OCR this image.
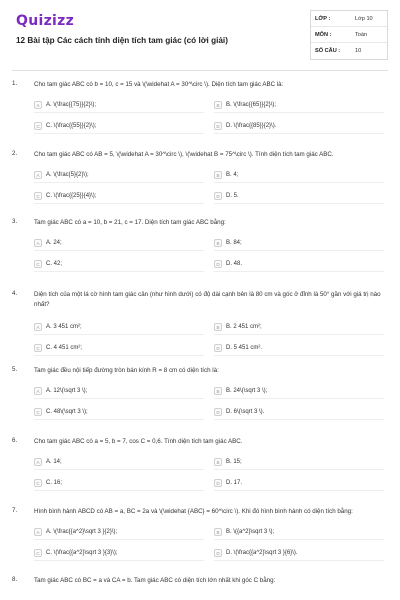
Quizizz
12 Bài tập Các cách tính diện tích tam giác (có lời giải)
LỚP :	Lớp 10
MÔN :	Toán
SỐ CÂU :	10
1.	Cho tam giác ABC có b = 10, c = 15 và \(\widehat A = 30^\circ \). Diện tích tam giác ABC là:
A	A. \(\frac{{75}}{2}\);	B	B. \(\frac{{65}}{2}\);
C	C. \(\frac{{55}}{2}\);	D	D. \(\frac{{85}}{2}\).
2.	Cho tam giác ABC có AB = 5, \(\widehat A = 30^\circ \), \(\widehat B = 75^\circ \). Tính diện tích tam giác ABC.
A	A. \(\frac{5}{2}\);	B	B. 4;
C	C. \(\frac{{25}}{4}\);	D	D. 5.
3.	Tam giác ABC có a = 10, b = 21, c = 17. Diện tích tam giác ABC bằng:
A	A. 24;	B	B. 84;
C	C. 42;	D	D. 48.
4.	Diện tích của một lá cờ hình tam giác cân (như hình dưới) có độ dài cạnh bên là 80 cm và góc ở đỉnh là 50° gần với giá trị nào nhất?
A	A. 3 451 cm²;	B	B. 2 451 cm²;
C	C. 4 451 cm²;	D	D. 5 451 cm².
5.	Tam giác đều nội tiếp đường tròn bán kính R = 8 cm có diện tích là:
A	A. 12\(\sqrt 3 \);	B	B. 24\(\sqrt 3 \);
C	C. 48\(\sqrt 3 \);	D	D. 6\(\sqrt 3 \).
6.	Cho tam giác ABC có a = 5, b = 7, cos C = 0,6. Tính diện tích tam giác ABC.
A	A. 14;	B	B. 15;
C	C. 16;	D	D. 17.
7.	Hình bình hành ABCD có AB = a, BC = 2a và \(\widehat {ABC} = 60^\circ \). Khi đó hình bình hành có diện tích bằng:
A	A. \(\frac{{a^2}\sqrt 3 }{2}\);	B	B. \({a^2}\sqrt 3 \);
C	C. \(\frac{{a^2}\sqrt 3 }{3}\);	D	D. \(\frac{{a^2}\sqrt 3 }{6}\).
8.	Tam giác ABC có BC = a và CA = b. Tam giác ABC có diện tích lớn nhất khi góc C bằng:
